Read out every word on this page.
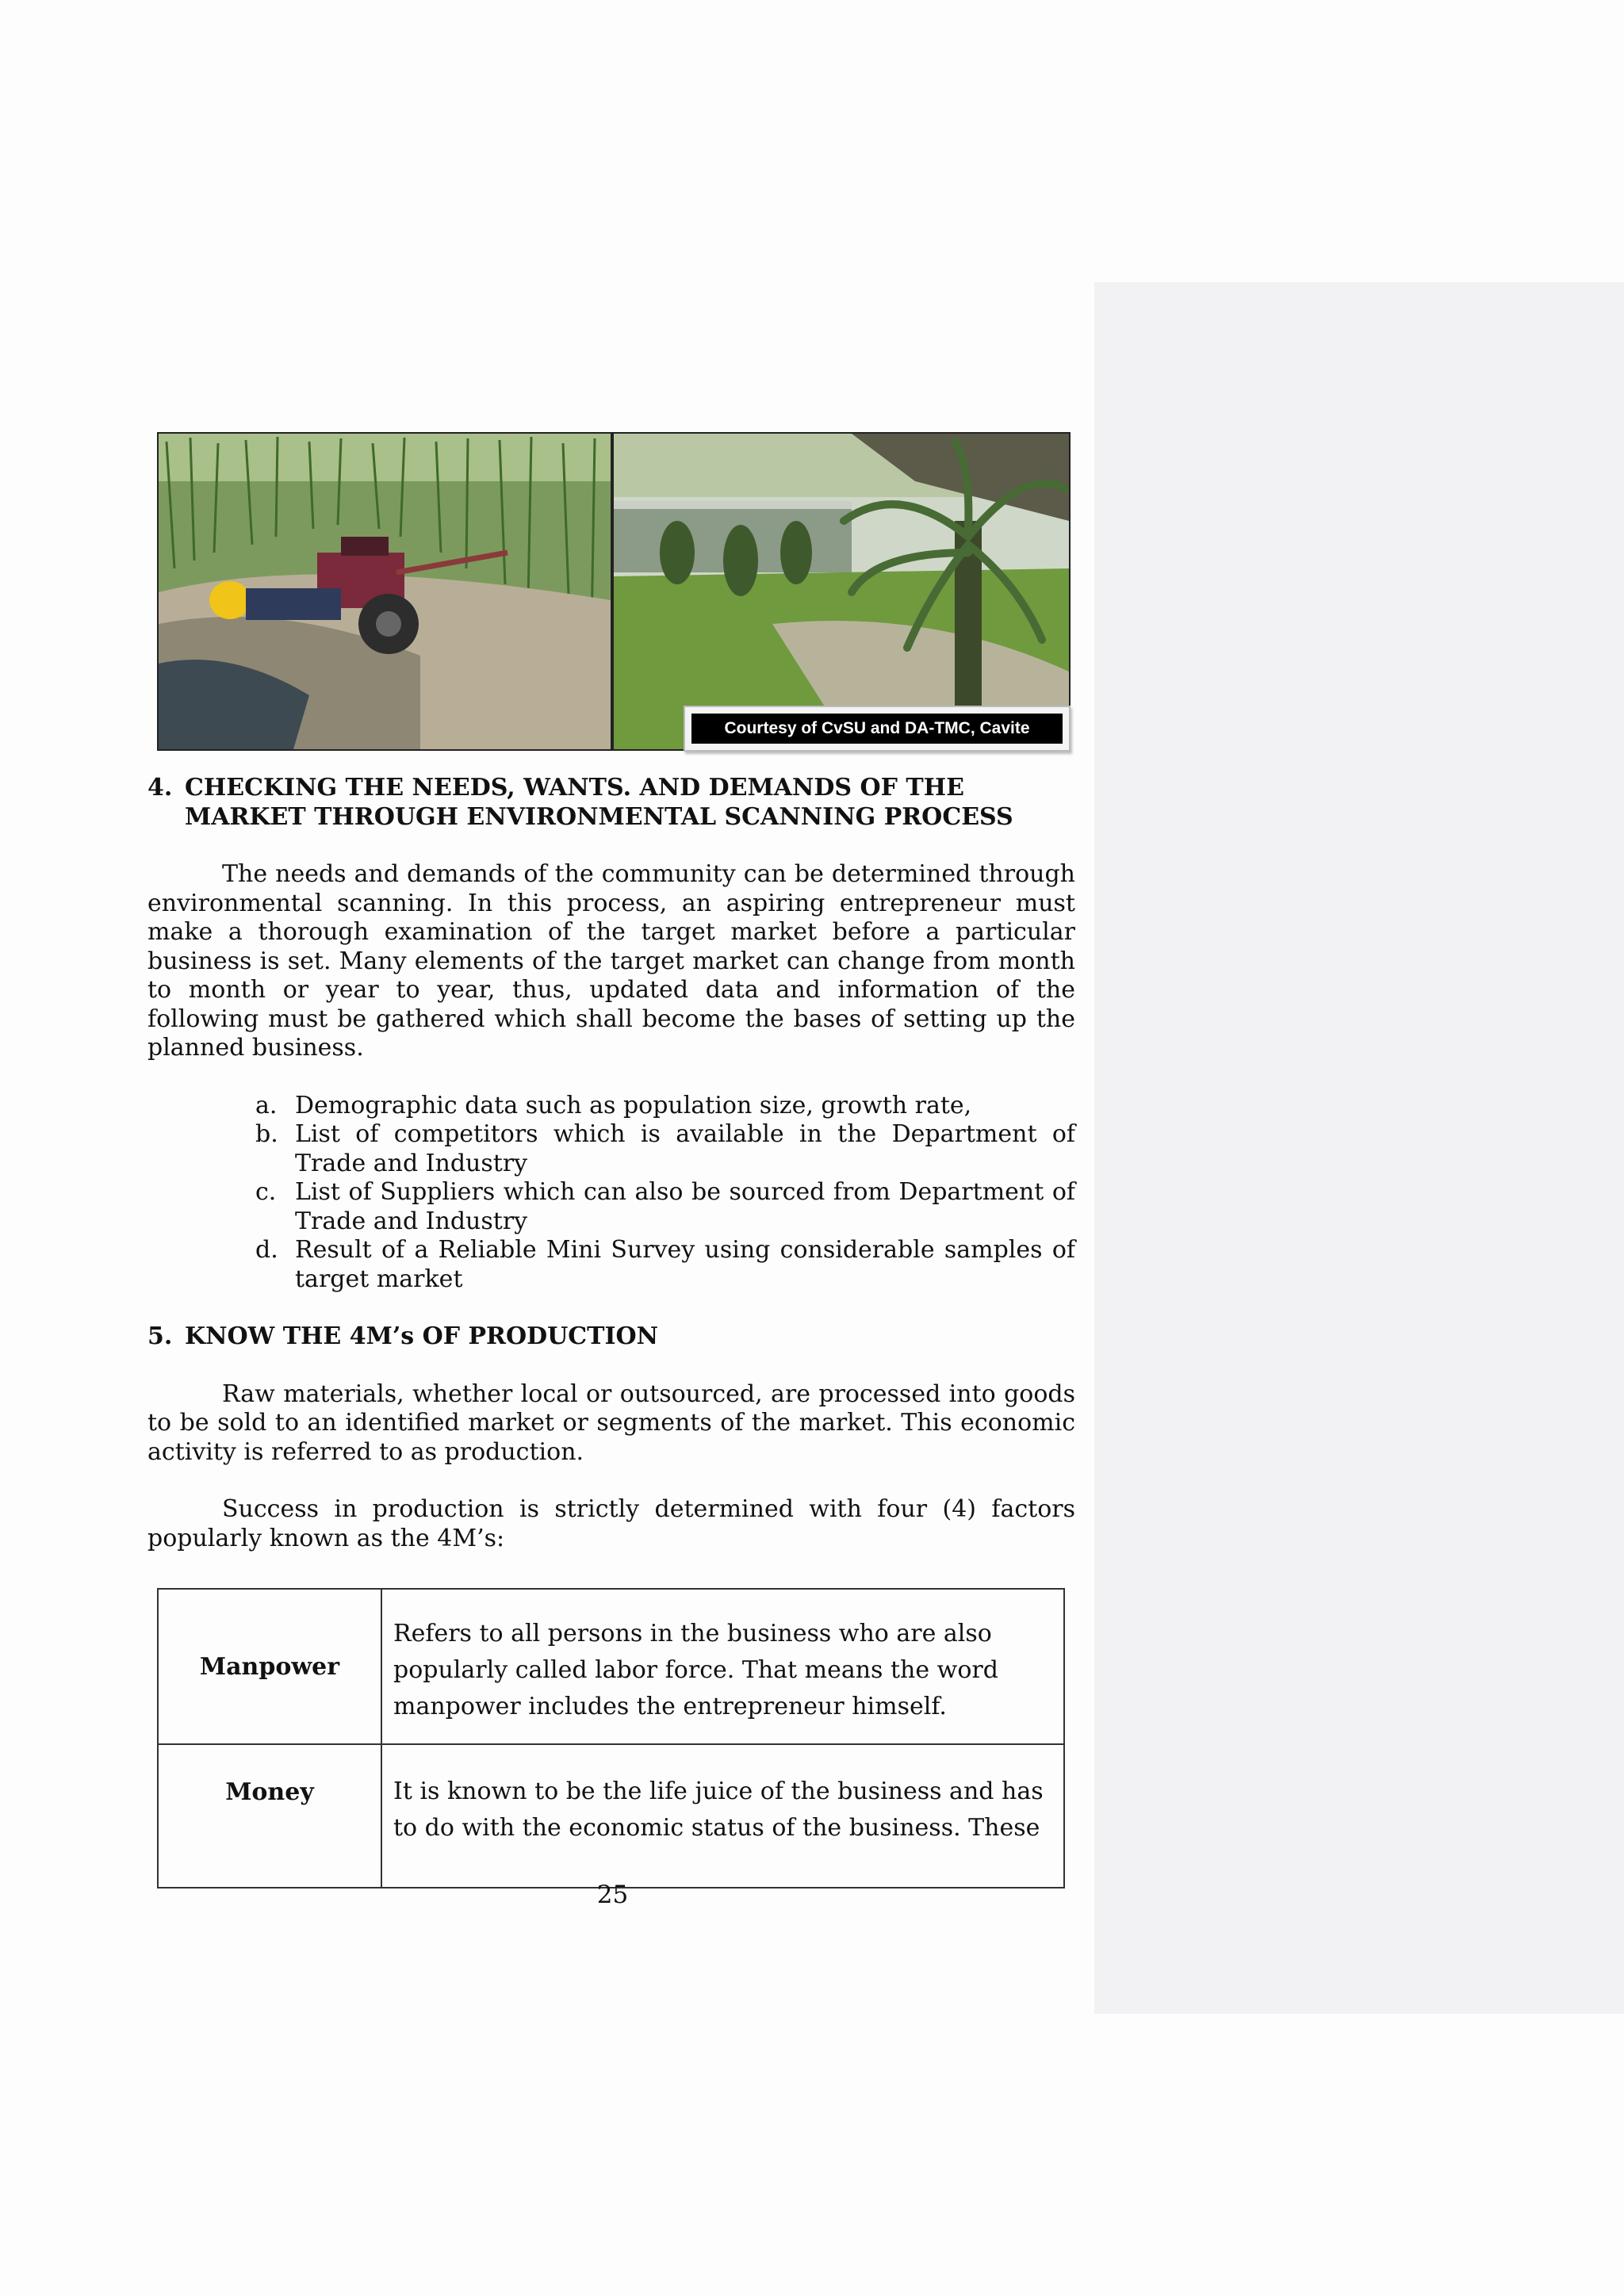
Courtesy of CvSU and DA-TMC, Cavite
4. CHECKING THE NEEDS, WANTS. AND DEMANDS OF THE MARKET THROUGH ENVIRONMENTAL SCANNING PROCESS

The needs and demands of the community can be determined through environmental scanning. In this process, an aspiring entrepreneur must make a thorough examination of the target market before a particular business is set. Many elements of the target market can change from month to month or year to year, thus, updated data and information of the following must be gathered which shall become the bases of setting up the planned business.

a. Demographic data such as population size, growth rate,
b. List of competitors which is available in the Department of Trade and Industry
c. List of Suppliers which can also be sourced from Department of Trade and Industry
d. Result of a Reliable Mini Survey using considerable samples of target market
5. KNOW THE 4M’s OF PRODUCTION

Raw materials, whether local or outsourced, are processed into goods to be sold to an identified market or segments of the market. This economic activity is referred to as production.

Success in production is strictly determined with four (4) factors popularly known as the 4M’s:

Manpower	Refers to all persons in the business who are also popularly called labor force. That means the word manpower includes the entrepreneur himself.
Money	It is known to be the life juice of the business and has to do with the economic status of the business. These
25
